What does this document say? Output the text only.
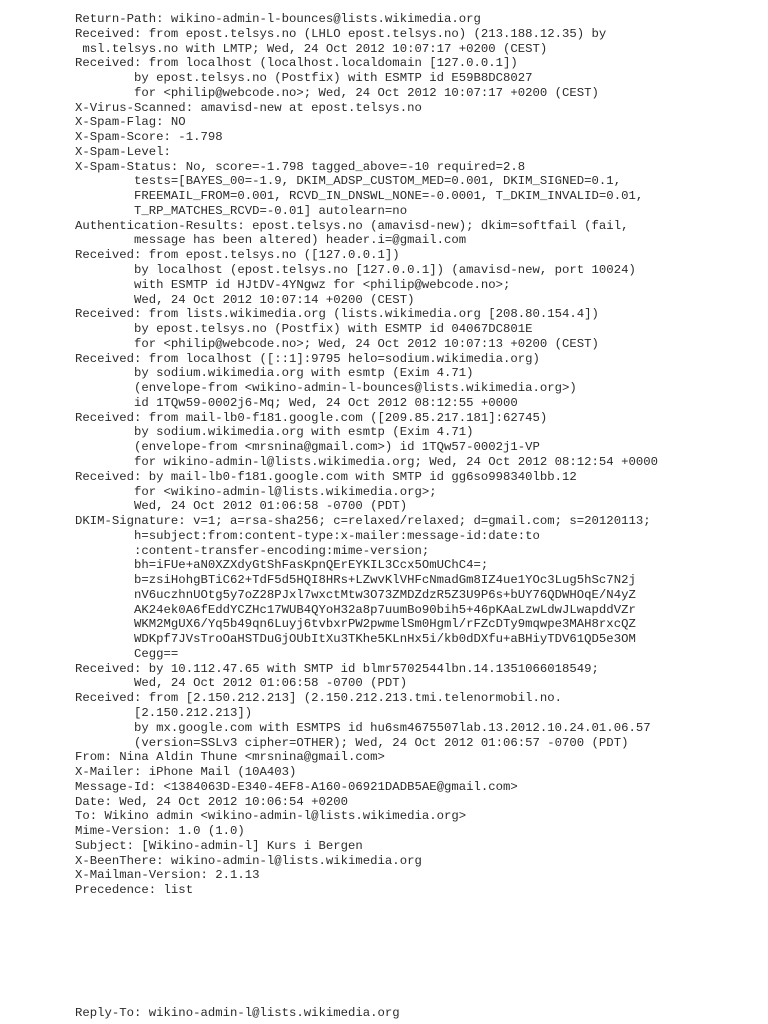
Return-Path: wikino-admin-l-bounces@lists.wikimedia.org
Received: from epost.telsys.no (LHLO epost.telsys.no) (213.188.12.35) by
msl.telsys.no with LMTP; Wed, 24 Oct 2012 10:07:17 +0200 (CEST)
Received: from localhost (localhost.localdomain [127.0.0.1])
by epost.telsys.no (Postfix) with ESMTP id E59B8DC8027
for <philip@webcode.no>; Wed, 24 Oct 2012 10:07:17 +0200 (CEST)
X-Virus-Scanned: amavisd-new at epost.telsys.no
X-Spam-Flag: NO
X-Spam-Score: -1.798
X-Spam-Level:
X-Spam-Status: No, score=-1.798 tagged_above=-10 required=2.8
tests=[BAYES_00=-1.9, DKIM_ADSP_CUSTOM_MED=0.001, DKIM_SIGNED=0.1,
FREEMAIL_FROM=0.001, RCVD_IN_DNSWL_NONE=-0.0001, T_DKIM_INVALID=0.01,
T_RP_MATCHES_RCVD=-0.01] autolearn=no
Authentication-Results: epost.telsys.no (amavisd-new); dkim=softfail (fail,
message has been altered) header.i=@gmail.com
Received: from epost.telsys.no ([127.0.0.1])
by localhost (epost.telsys.no [127.0.0.1]) (amavisd-new, port 10024)
with ESMTP id HJtDV-4YNgwz for <philip@webcode.no>;
Wed, 24 Oct 2012 10:07:14 +0200 (CEST)
Received: from lists.wikimedia.org (lists.wikimedia.org [208.80.154.4])
by epost.telsys.no (Postfix) with ESMTP id 04067DC801E
for <philip@webcode.no>; Wed, 24 Oct 2012 10:07:13 +0200 (CEST)
Received: from localhost ([::1]:9795 helo=sodium.wikimedia.org)
by sodium.wikimedia.org with esmtp (Exim 4.71)
(envelope-from <wikino-admin-l-bounces@lists.wikimedia.org>)
id 1TQw59-0002j6-Mq; Wed, 24 Oct 2012 08:12:55 +0000
Received: from mail-lb0-f181.google.com ([209.85.217.181]:62745)
by sodium.wikimedia.org with esmtp (Exim 4.71)
(envelope-from <mrsnina@gmail.com>) id 1TQw57-0002j1-VP
for wikino-admin-l@lists.wikimedia.org; Wed, 24 Oct 2012 08:12:54 +0000
Received: by mail-lb0-f181.google.com with SMTP id gg6so998340lbb.12
for <wikino-admin-l@lists.wikimedia.org>;
Wed, 24 Oct 2012 01:06:58 -0700 (PDT)
DKIM-Signature: v=1; a=rsa-sha256; c=relaxed/relaxed; d=gmail.com; s=20120113;
h=subject:from:content-type:x-mailer:message-id:date:to
:content-transfer-encoding:mime-version;
bh=iFUe+aN0XZXdyGtShFasKpnQErEYKIL3Ccx5OmUChC4=;
b=zsiHohgBTiC62+TdF5d5HQI8HRs+LZwvKlVHFcNmadGm8IZ4ue1YOc3Lug5hSc7N2j
nV6uczhnUOtg5y7oZ28PJxl7wxctMtw3O73ZMDZdzR5Z3U9P6s+bUY76QDWHOqE/N4yZ
AK24ek0A6fEddYCZHc17WUB4QYoH32a8p7uumBo90bih5+46pKAaLzwLdwJLwapddVZr
WKM2MgUX6/Yq5b49qn6Luyj6tvbxrPW2pwmelSm0Hgml/rFZcDTy9mqwpe3MAH8rxcQZ
WDKpf7JVsTroOaHSTDuGjOUbItXu3TKhe5KLnHx5i/kb0dDXfu+aBHiyTDV61QD5e3OM
Cegg==
Received: by 10.112.47.65 with SMTP id blmr5702544lbn.14.1351066018549;
Wed, 24 Oct 2012 01:06:58 -0700 (PDT)
Received: from [2.150.212.213] (2.150.212.213.tmi.telenormobil.no.
[2.150.212.213])
by mx.google.com with ESMTPS id hu6sm4675507lab.13.2012.10.24.01.06.57
(version=SSLv3 cipher=OTHER); Wed, 24 Oct 2012 01:06:57 -0700 (PDT)
From: Nina Aldin Thune <mrsnina@gmail.com>
X-Mailer: iPhone Mail (10A403)
Message-Id: <1384063D-E340-4EF8-A160-06921DADB5AE@gmail.com>
Date: Wed, 24 Oct 2012 10:06:54 +0200
To: Wikino admin <wikino-admin-l@lists.wikimedia.org>
Mime-Version: 1.0 (1.0)
Subject: [Wikino-admin-l] Kurs i Bergen
X-BeenThere: wikino-admin-l@lists.wikimedia.org
X-Mailman-Version: 2.1.13
Precedence: list
Reply-To: wikino-admin-l@lists.wikimedia.org
